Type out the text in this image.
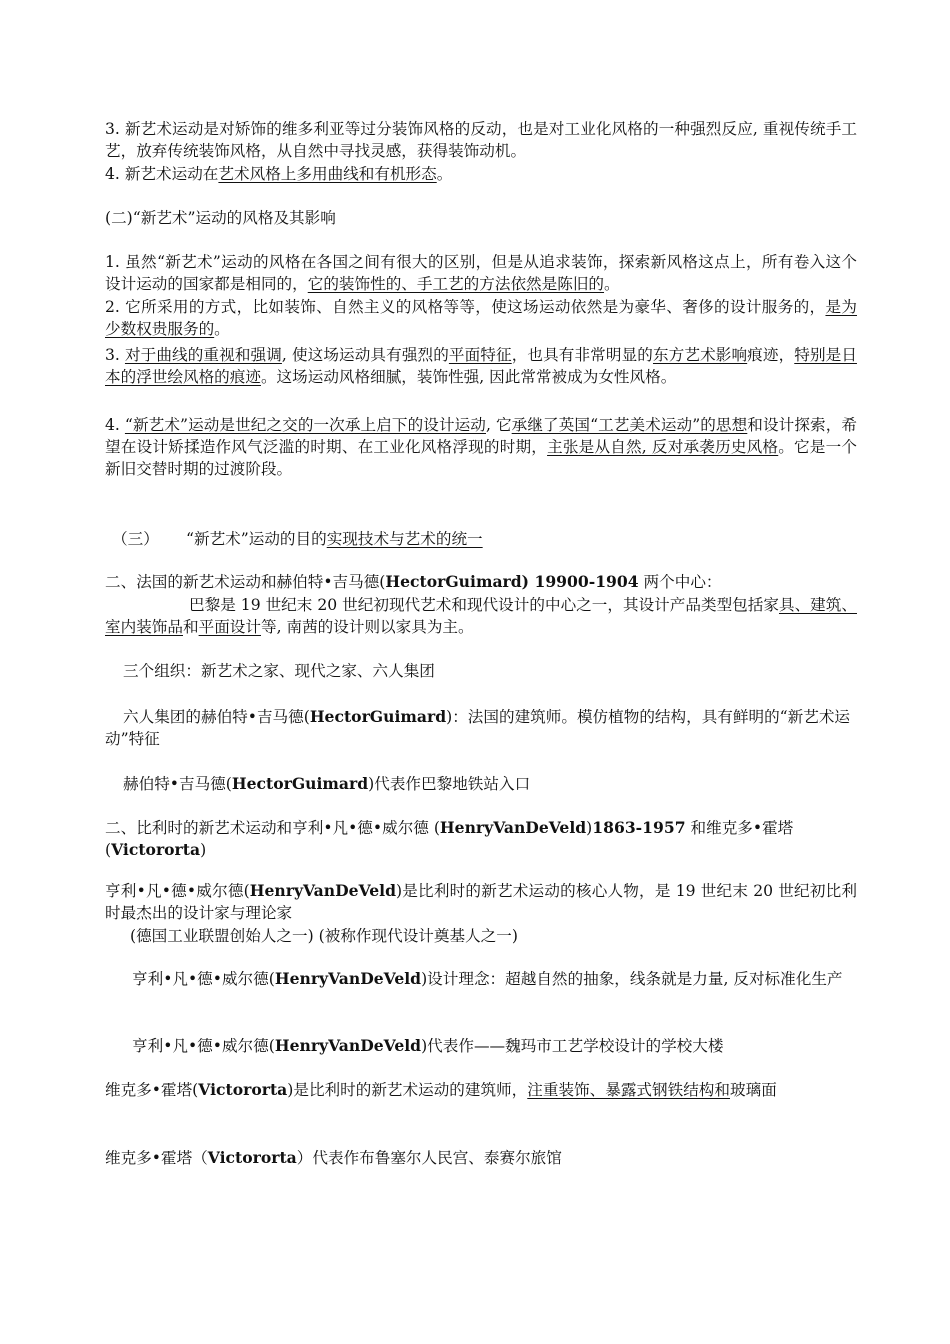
3. 新艺术运动是对矫饰的维多利亚等过分装饰风格的反动，也是对工业化风格的一种强烈反应, 重视传统手工艺，放弃传统装饰风格，从自然中寻找灵感，获得装饰动机。

4. 新艺术运动在艺术风格上多用曲线和有机形态。

(二)“新艺术”运动的风格及其影响

1. 虽然“新艺术”运动的风格在各国之间有很大的区别，但是从追求装饰，探索新风格这点上，所有卷入这个设计运动的国家都是相同的，它的装饰性的、手工艺的方法依然是陈旧的。

2. 它所采用的方式，比如装饰、自然主义的风格等等，使这场运动依然是为豪华、奢侈的设计服务的，是为少数权贵服务的。

3. 对于曲线的重视和强调, 使这场运动具有强烈的平面特征，也具有非常明显的东方艺术影响痕迹，特别是日本的浮世绘风格的痕迹。这场运动风格细腻，装饰性强, 因此常常被成为女性风格。

4. “新艺术”运动是世纪之交的一次承上启下的设计运动, 它承继了英国“工艺美术运动”的思想和设计探索，希望在设计矫揉造作风气泛滥的时期、在工业化风格浮现的时期，主张是从自然, 反对承袭历史风格。它是一个新旧交替时期的过渡阶段。

（三） “新艺术”运动的目的实现技术与艺术的统一

二、法国的新艺术运动和赫伯特•吉马德(HectorGuimard) 19900-1904 两个中心：

巴黎是 19 世纪末 20 世纪初现代艺术和现代设计的中心之一，其设计产品类型包括家具、建筑、室内装饰品和平面设计等, 南茜的设计则以家具为主。

三个组织：新艺术之家、现代之家、六人集团

六人集团的赫伯特•吉马德(HectorGuimard)：法国的建筑师。模仿植物的结构，具有鲜明的“新艺术运动”特征

赫伯特•吉马德(HectorGuimard)代表作巴黎地铁站入口

二、比利时的新艺术运动和亨利•凡•德•威尔德 (HenryVanDeVeld)1863-1957 和维克多•霍塔(Victororta)

亨利•凡•德•威尔德(HenryVanDeVeld)是比利时的新艺术运动的核心人物，是 19 世纪末 20 世纪初比利时最杰出的设计家与理论家

(德国工业联盟创始人之一) (被称作现代设计奠基人之一)

亨利•凡•德•威尔德(HenryVanDeVeld)设计理念：超越自然的抽象，线条就是力量, 反对标准化生产

亨利•凡•德•威尔德(HenryVanDeVeld)代表作——魏玛市工艺学校设计的学校大楼

维克多•霍塔(Victororta)是比利时的新艺术运动的建筑师，注重装饰、暴露式钢铁结构和玻璃面

维克多•霍塔（Victororta）代表作布鲁塞尔人民宫、泰赛尔旅馆
